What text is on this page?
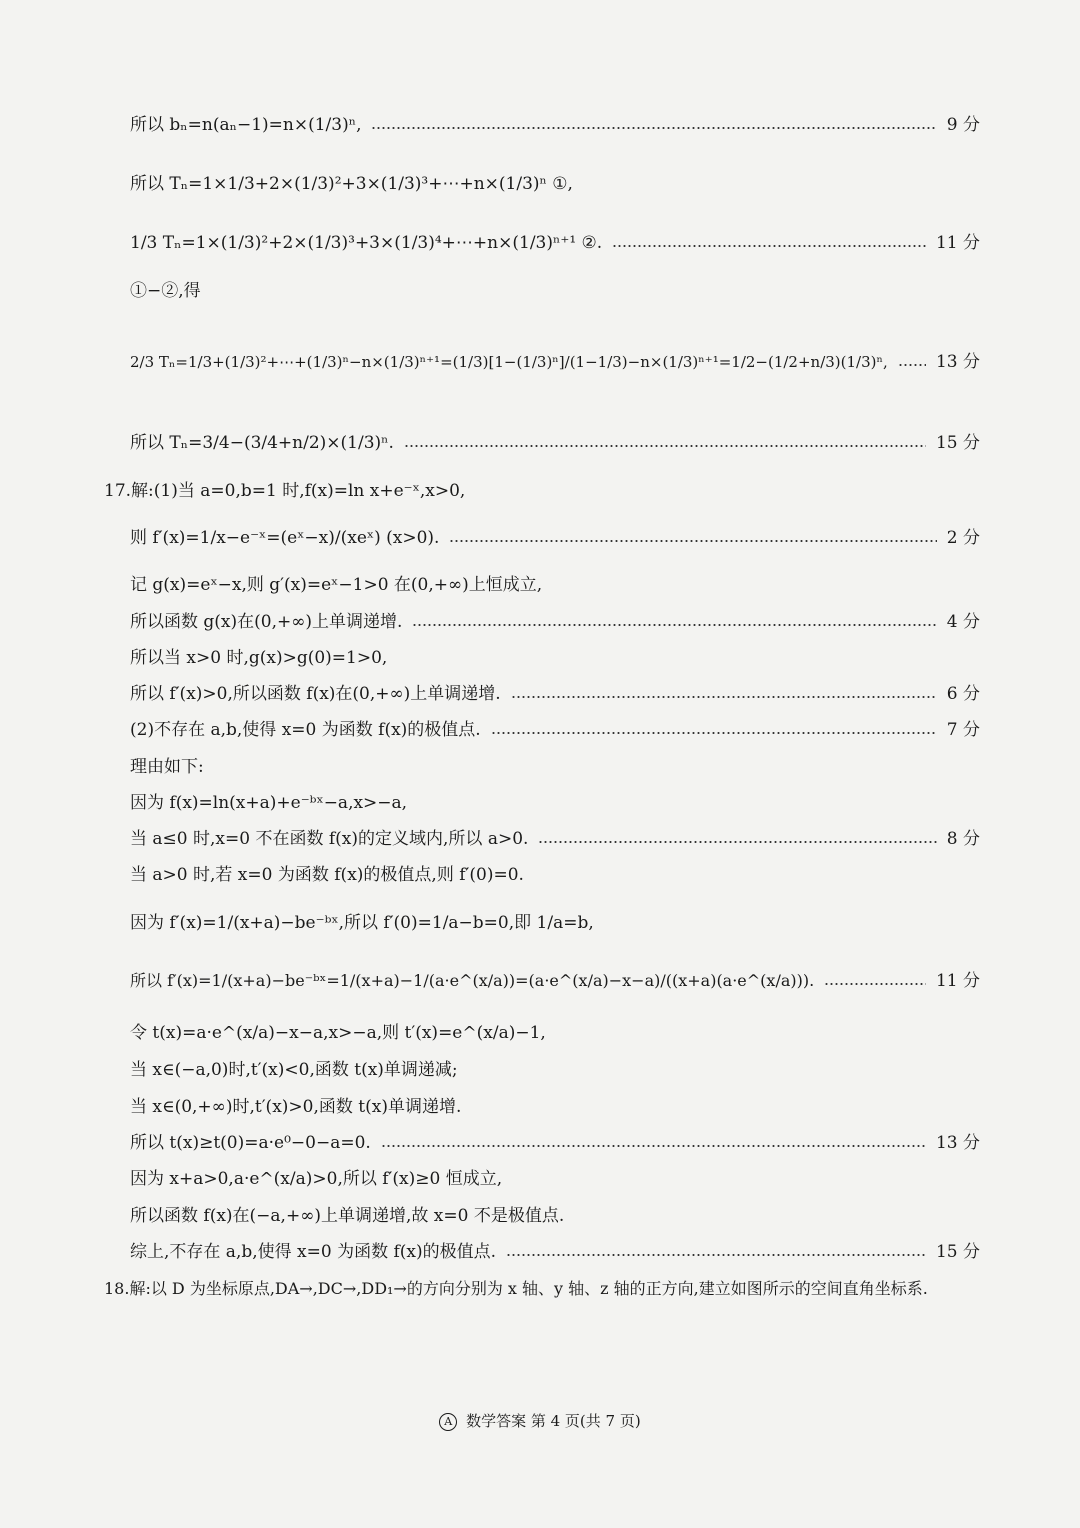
所以 bₙ=n(aₙ−1)=n×(1/3)ⁿ,	9 分
所以 Tₙ=1×1/3+2×(1/3)²+3×(1/3)³+⋯+n×(1/3)ⁿ ①,
1/3 Tₙ=1×(1/3)²+2×(1/3)³+3×(1/3)⁴+⋯+n×(1/3)ⁿ⁺¹ ②.	11 分
①−②,得
2/3 Tₙ=1/3+(1/3)²+⋯+(1/3)ⁿ−n×(1/3)ⁿ⁺¹=(1/3)[1−(1/3)ⁿ]/(1−1/3)−n×(1/3)ⁿ⁺¹=1/2−(1/2+n/3)(1/3)ⁿ,	13 分
所以 Tₙ=3/4−(3/4+n/2)×(1/3)ⁿ.	15 分
17.解:(1)当 a=0,b=1 时,f(x)=ln x+e⁻ˣ,x>0,
则 f′(x)=1/x−e⁻ˣ=(eˣ−x)/(xeˣ) (x>0).	2 分
记 g(x)=eˣ−x,则 g′(x)=eˣ−1>0 在(0,+∞)上恒成立,
所以函数 g(x)在(0,+∞)上单调递增.	4 分
所以当 x>0 时,g(x)>g(0)=1>0,
所以 f′(x)>0,所以函数 f(x)在(0,+∞)上单调递增.	6 分
(2)不存在 a,b,使得 x=0 为函数 f(x)的极值点.	7 分
理由如下:
因为 f(x)=ln(x+a)+e⁻ᵇˣ−a,x>−a,
当 a≤0 时,x=0 不在函数 f(x)的定义域内,所以 a>0.	8 分
当 a>0 时,若 x=0 为函数 f(x)的极值点,则 f′(0)=0.
因为 f′(x)=1/(x+a)−be⁻ᵇˣ,所以 f′(0)=1/a−b=0,即 1/a=b,
所以 f′(x)=1/(x+a)−be⁻ᵇˣ=1/(x+a)−1/(a·e^(x/a))=(a·e^(x/a)−x−a)/((x+a)(a·e^(x/a))).	11 分
令 t(x)=a·e^(x/a)−x−a,x>−a,则 t′(x)=e^(x/a)−1,
当 x∈(−a,0)时,t′(x)<0,函数 t(x)单调递减;
当 x∈(0,+∞)时,t′(x)>0,函数 t(x)单调递增.
所以 t(x)≥t(0)=a·e⁰−0−a=0.	13 分
因为 x+a>0,a·e^(x/a)>0,所以 f′(x)≥0 恒成立,
所以函数 f(x)在(−a,+∞)上单调递增,故 x=0 不是极值点.
综上,不存在 a,b,使得 x=0 为函数 f(x)的极值点.	15 分
18.解:以 D 为坐标原点,DA→,DC→,DD₁→的方向分别为 x 轴、y 轴、z 轴的正方向,建立如图所示的空间直角坐标系.
A 数学答案 第 4 页(共 7 页)
